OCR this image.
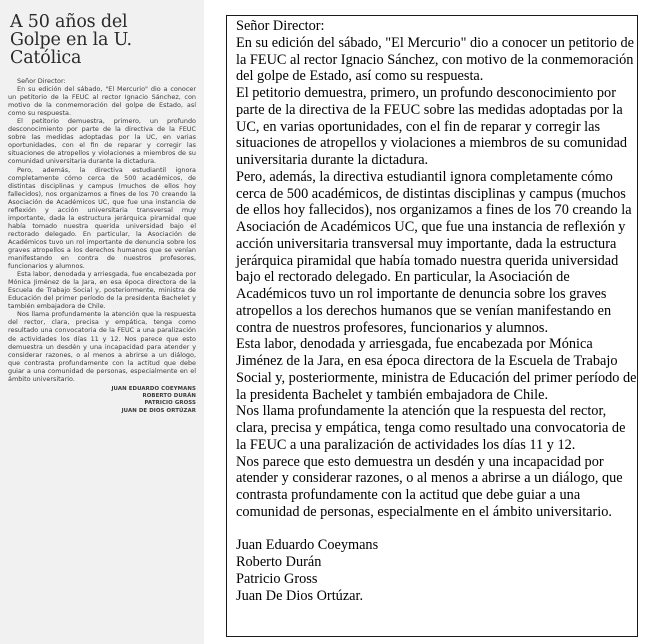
A 50 años del
Golpe en la U.
Católica

Señor Director:

En su edición del sábado, "El Mercurio" dio a conocer un petitorio de la FEUC al rector Ignacio Sánchez, con motivo de la conmemoración del golpe de Estado, así como su respuesta.

El petitorio demuestra, primero, un profundo desconocimiento por parte de la directiva de la FEUC sobre las medidas adoptadas por la UC, en varias oportunidades, con el fin de reparar y corregir las situaciones de atropellos y violaciones a miembros de su comunidad universitaria durante la dictadura.

Pero, además, la directiva estudiantil ignora completamente cómo cerca de 500 académicos, de distintas disciplinas y campus (muchos de ellos hoy fallecidos), nos organizamos a fines de los 70 creando la Asociación de Académicos UC, que fue una instancia de reflexión y acción universitaria transversal muy importante, dada la estructura jerárquica piramidal que había tomado nuestra querida universidad bajo el rectorado delegado. En particular, la Asociación de Académicos tuvo un rol importante de denuncia sobre los graves atropellos a los derechos humanos que se venían manifestando en contra de nuestros profesores, funcionarios y alumnos.

Esta labor, denodada y arriesgada, fue encabezada por Mónica Jiménez de la Jara, en esa época directora de la Escuela de Trabajo Social y, posteriormente, ministra de Educación del primer período de la presidenta Bachelet y también embajadora de Chile.

Nos llama profundamente la atención que la respuesta del rector, clara, precisa y empática, tenga como resultado una convocatoria de la FEUC a una paralización de actividades los días 11 y 12. Nos parece que esto demuestra un desdén y una incapacidad para atender y considerar razones, o al menos a abrirse a un diálogo, que contrasta profundamente con la actitud que debe guiar a una comunidad de personas, especialmente en el ámbito universitario.

JUAN EDUARDO COEYMANS
ROBERTO DURÁN
PATRICIO GROSS
JUAN DE DIOS ORTÚZAR

Señor Director:

En su edición del sábado, "El Mercurio" dio a conocer un petitorio de la FEUC al rector Ignacio Sánchez, con motivo de la conmemoración del golpe de Estado, así como su respuesta.

El petitorio demuestra, primero, un profundo desconocimiento por parte de la directiva de la FEUC sobre las medidas adoptadas por la UC, en varias oportunidades, con el fin de reparar y corregir las situaciones de atropellos y violaciones a miembros de su comunidad universitaria durante la dictadura.

Pero, además, la directiva estudiantil ignora completamente cómo cerca de 500 académicos, de distintas disciplinas y campus (muchos de ellos hoy fallecidos), nos organizamos a fines de los 70 creando la Asociación de Académicos UC, que fue una instancia de reflexión y acción universitaria transversal muy importante, dada la estructura jerárquica piramidal que había tomado nuestra querida universidad bajo el rectorado delegado. En particular, la Asociación de Académicos tuvo un rol importante de denuncia sobre los graves atropellos a los derechos humanos que se venían manifestando en contra de nuestros profesores, funcionarios y alumnos.

Esta labor, denodada y arriesgada, fue encabezada por Mónica Jiménez de la Jara, en esa época directora de la Escuela de Trabajo Social y, posteriormente, ministra de Educación del primer período de la presidenta Bachelet y también embajadora de Chile.

Nos llama profundamente la atención que la respuesta del rector, clara, precisa y empática, tenga como resultado una convocatoria de la FEUC a una paralización de actividades los días 11 y 12.

Nos parece que esto demuestra un desdén y una incapacidad por atender y considerar razones, o al menos a abrirse a un diálogo, que contrasta profundamente con la actitud que debe guiar a una comunidad de personas, especialmente en el ámbito universitario.

Juan Eduardo Coeymans

Roberto Durán

Patricio Gross

Juan De Dios Ortúzar.
